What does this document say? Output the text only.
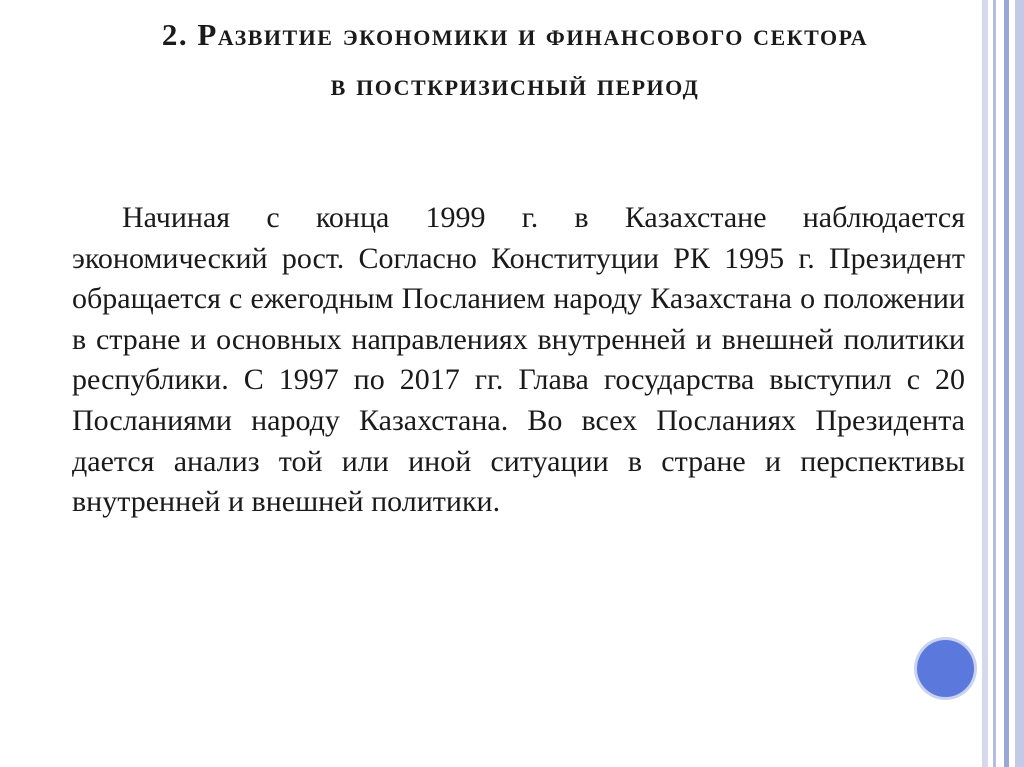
2. Развитие экономики и финансового сектора в посткризисный период

Начиная с конца 1999 г. в Казахстане наблюдается экономический рост. Согласно Конституции РК 1995 г. Президент обращается с ежегодным Посланием народу Казахстана о положении в стране и основных направлениях внутренней и внешней политики республики. С 1997 по 2017 гг. Глава государства выступил с 20 Посланиями народу Казахстана. Во всех Посланиях Президента дается анализ той или иной ситуации в стране и перспективы внутренней и внешней политики.
